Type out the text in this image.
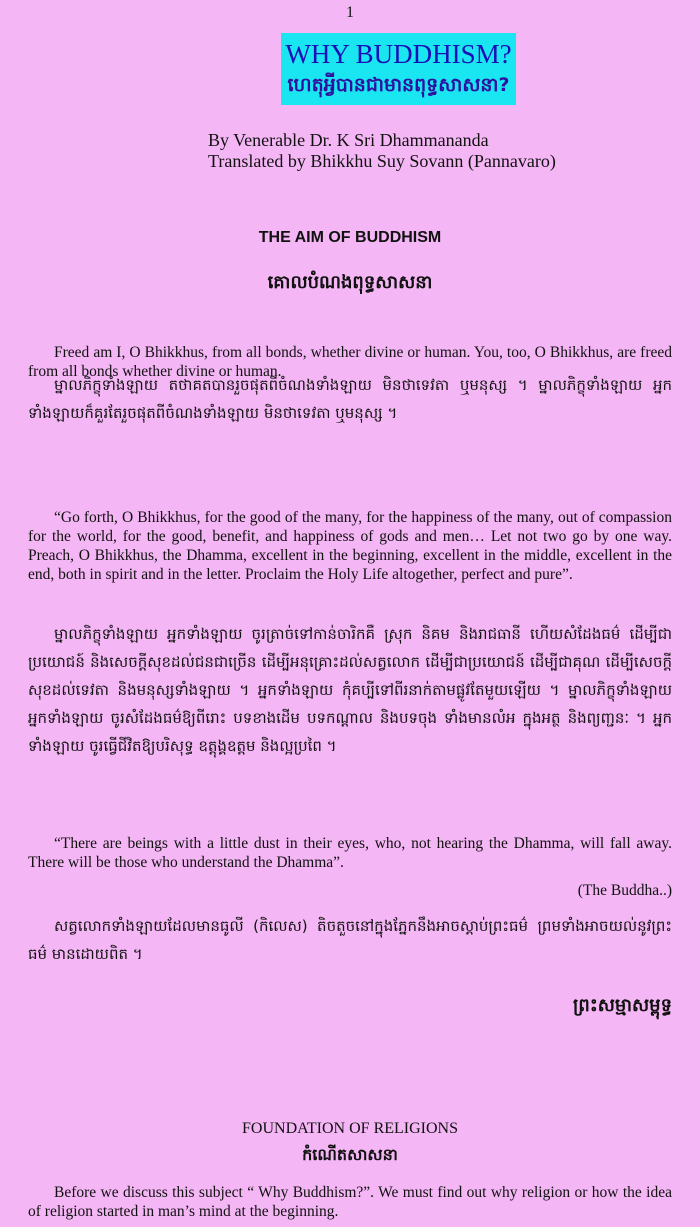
1
WHY BUDDHISM?
ហេតុអ្វីបានជាមានពុទ្ធសាសនា?
By Venerable Dr. K Sri Dhammananda
Translated by Bhikkhu Suy Sovann (Pannavaro)
THE AIM OF BUDDHISM
គោលបំណងពុទ្ធសាសនា
Freed am I, O Bhikkhus, from all bonds, whether divine or human. You, too, O Bhikkhus, are freed from all bonds whether divine or human.
ម្នាលភិក្ខុទាំងឡាយ តថាគតបានរួចផុតពីចំណងទាំងឡាយ មិនថាទេវតា ឬមនុស្ស ។ ម្នាលភិក្ខុទាំងឡាយ អ្នកទាំងឡាយក៏គួរតែរួចផុតពីចំណងទាំងឡាយ មិនថាទេវតា ឬមនុស្ស ។
“Go forth, O Bhikkhus, for the good of the many, for the happiness of the many, out of compassion for the world, for the good, benefit, and happiness of gods and men… Let not two go by one way. Preach, O Bhikkhus, the Dhamma, excellent in the beginning, excellent in the middle, excellent in the end, both in spirit and in the letter. Proclaim the Holy Life altogether, perfect and pure”.
ម្នាលភិក្ខុទាំងឡាយ អ្នកទាំងឡាយ ចូរត្រាច់ទៅកាន់ចារិកគឺ ស្រុក និគម និងរាជធានី ហើយសំដែងធម៌ ដើម្បីជាប្រយោជន៍ និងសេចក្តីសុខដល់ជនជាច្រើន ដើម្បីអនុគ្រោះដល់សត្វលោក ដើម្បីជាប្រយោជន៍ ដើម្បីជាគុណ ដើម្បីសេចក្តីសុខដល់ទេវតា និងមនុស្សទាំងឡាយ ។ អ្នកទាំងឡាយ កុំគប្បីទៅពីរនាក់តាមផ្លូវតែមួយឡើយ ។ ម្នាលភិក្ខុទាំងឡាយ អ្នកទាំងឡាយ ចូរសំដែងធម៌ឱ្យពីរោះ បទខាងដើម បទកណ្តាល និងបទចុង ទាំងមានលំអ ក្នុងអត្ថ និងព្យញ្ជនៈ ។ អ្នកទាំងឡាយ ចូរធ្វើជីវិតឱ្យបរិសុទ្ធ ឧត្តុង្គឧត្តម និងល្អប្រពៃ ។
“There are beings with a little dust in their eyes, who, not hearing the Dhamma, will fall away. There will be those who understand the Dhamma”.
(The Buddha..)
សត្វលោកទាំងឡាយដែលមានធូលី (កិលេស) តិចតួចនៅក្នុងភ្នែកនឹងអាចស្តាប់ព្រះធម៌ ព្រមទាំងអាចយល់នូវព្រះធម៌ មានដោយពិត ។
ព្រះសម្មាសម្ពុទ្ធ
FOUNDATION OF RELIGIONS
កំណើតសាសនា
Before we discuss this subject “ Why Buddhism?”. We must find out why religion or how the idea of religion started in man’s mind at the beginning.
